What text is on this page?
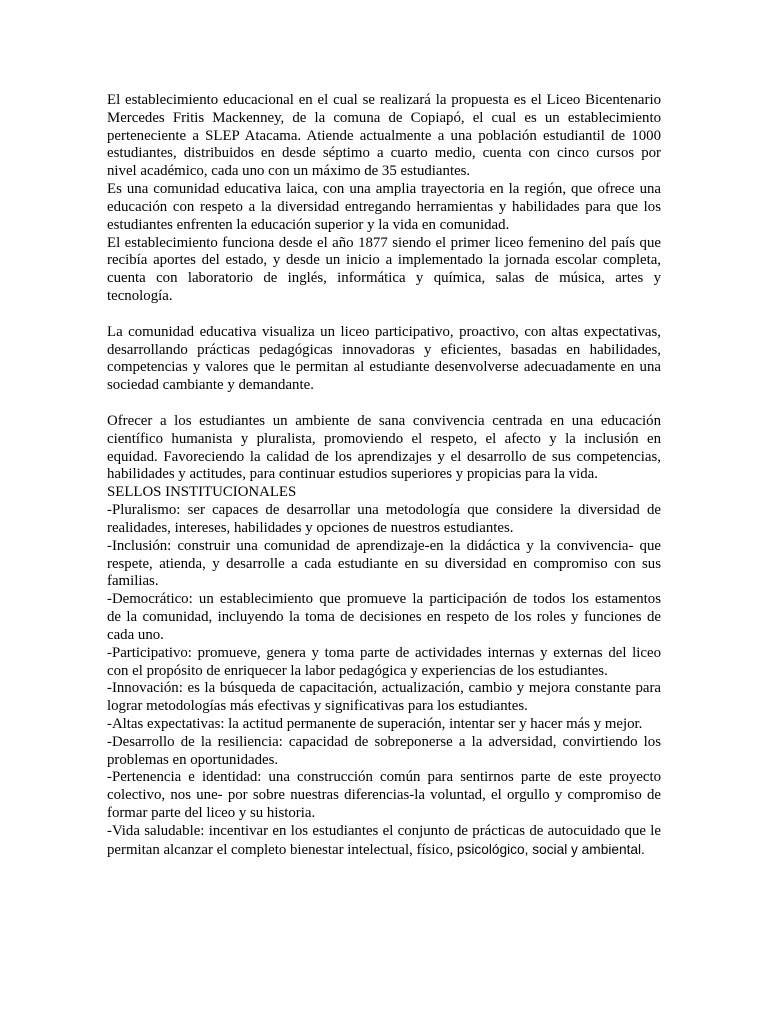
El establecimiento educacional en el cual se realizará la propuesta es el Liceo Bicentenario
Mercedes Fritis Mackenney, de la comuna de Copiapó, el cual es un establecimiento
perteneciente a SLEP Atacama. Atiende actualmente a una población estudiantil de 1000
estudiantes, distribuidos en desde séptimo a cuarto medio, cuenta con cinco cursos por
nivel académico, cada uno con un máximo de 35 estudiantes.
Es una comunidad educativa laica, con una amplia trayectoria en la región, que ofrece una
educación con respeto a la diversidad entregando herramientas y habilidades para que los
estudiantes enfrenten la educación superior y la vida en comunidad.
El establecimiento funciona desde el año 1877 siendo el primer liceo femenino del país que
recibía aportes del estado, y desde un inicio a implementado la jornada escolar completa,
cuenta con laboratorio de inglés, informática y química, salas de música, artes y
tecnología.
La comunidad educativa visualiza un liceo participativo, proactivo, con altas expectativas,
desarrollando prácticas pedagógicas innovadoras y eficientes, basadas en habilidades,
competencias y valores que le permitan al estudiante desenvolverse adecuadamente en una
sociedad cambiante y demandante.
Ofrecer a los estudiantes un ambiente de sana convivencia centrada en una educación
científico humanista y pluralista, promoviendo el respeto, el afecto y la inclusión en
equidad. Favoreciendo la calidad de los aprendizajes y el desarrollo de sus competencias,
habilidades y actitudes, para continuar estudios superiores y propicias para la vida.
SELLOS INSTITUCIONALES
-Pluralismo: ser capaces de desarrollar una metodología que considere la diversidad de
realidades, intereses, habilidades y opciones de nuestros estudiantes.
-Inclusión: construir una comunidad de aprendizaje-en la didáctica y la convivencia- que
respete, atienda, y desarrolle a cada estudiante en su diversidad en compromiso con sus
familias.
-Democrático: un establecimiento que promueve la participación de todos los estamentos
de la comunidad, incluyendo la toma de decisiones en respeto de los roles y funciones de
cada uno.
-Participativo: promueve, genera y toma parte de actividades internas y externas del liceo
con el propósito de enriquecer la labor pedagógica y experiencias de los estudiantes.
-Innovación: es la búsqueda de capacitación, actualización, cambio y mejora constante para
lograr metodologías más efectivas y significativas para los estudiantes.
-Altas expectativas: la actitud permanente de superación, intentar ser y hacer más y mejor.
-Desarrollo de la resiliencia: capacidad de sobreponerse a la adversidad, convirtiendo los
problemas en oportunidades.
-Pertenencia e identidad: una construcción común para sentirnos parte de este proyecto
colectivo, nos une- por sobre nuestras diferencias-la voluntad, el orgullo y compromiso de
formar parte del liceo y su historia.
-Vida saludable: incentivar en los estudiantes el conjunto de prácticas de autocuidado que le
permitan alcanzar el completo bienestar intelectual, físico, psicológico, social y ambiental.
